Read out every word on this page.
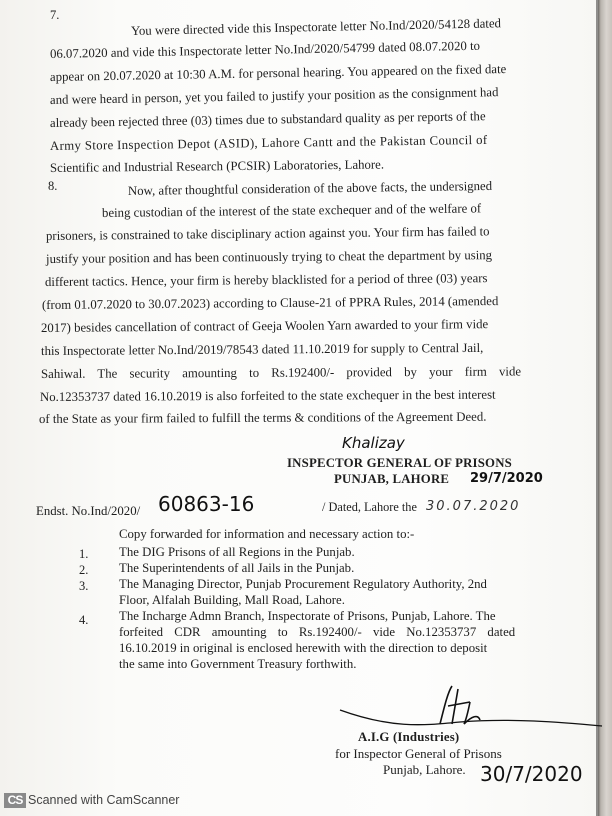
7.
You were directed vide this Inspectorate letter No.Ind/2020/54128 dated
06.07.2020 and vide this Inspectorate letter No.Ind/2020/54799 dated 08.07.2020 to
appear on 20.07.2020 at 10:30 A.M. for personal hearing. You appeared on the fixed date
and were heard in person, yet you failed to justify your position as the consignment had
already been rejected three (03) times due to substandard quality as per reports of the
Army Store Inspection Depot (ASID), Lahore Cantt and the Pakistan Council of
Scientific and Industrial Research (PCSIR) Laboratories, Lahore.
8.	Now, after thoughtful consideration of the above facts, the undersigned
being custodian of the interest of the state exchequer and of the welfare of
prisoners, is constrained to take disciplinary action against you. Your firm has failed to
justify your position and has been continuously trying to cheat the department by using
different tactics. Hence, your firm is hereby blacklisted for a period of three (03) years
(from 01.07.2020 to 30.07.2023) according to Clause-21 of PPRA Rules, 2014 (amended
2017) besides cancellation of contract of Geeja Woolen Yarn awarded to your firm vide
this Inspectorate letter No.Ind/2019/78543 dated 11.10.2019 for supply to Central Jail,
Sahiwal. The security amounting to Rs.192400/- provided by your firm vide
No.12353737 dated 16.10.2019 is also forfeited to the state exchequer in the best interest
of the State as your firm failed to fulfill the terms & conditions of the Agreement Deed.
Khalizay
INSPECTOR GENERAL OF PRISONS
PUNJAB, LAHORE 29/7/2020
Endst. No.Ind/2020/ 60863-16	/ Dated, Lahore the 30.07.2020
Copy forwarded for information and necessary action to:-
1. The DIG Prisons of all Regions in the Punjab.
2. The Superintendents of all Jails in the Punjab.
3. The Managing Director, Punjab Procurement Regulatory Authority, 2nd
Floor, Alfalah Building, Mall Road, Lahore.
4. The Incharge Admn Branch, Inspectorate of Prisons, Punjab, Lahore. The
forfeited CDR amounting to Rs.192400/- vide No.12353737 dated
16.10.2019 in original is enclosed herewith with the direction to deposit
the same into Government Treasury forthwith.
A.I.G (Industries)
for Inspector General of Prisons
Punjab, Lahore. 30/7/2020
CS Scanned with CamScanner
